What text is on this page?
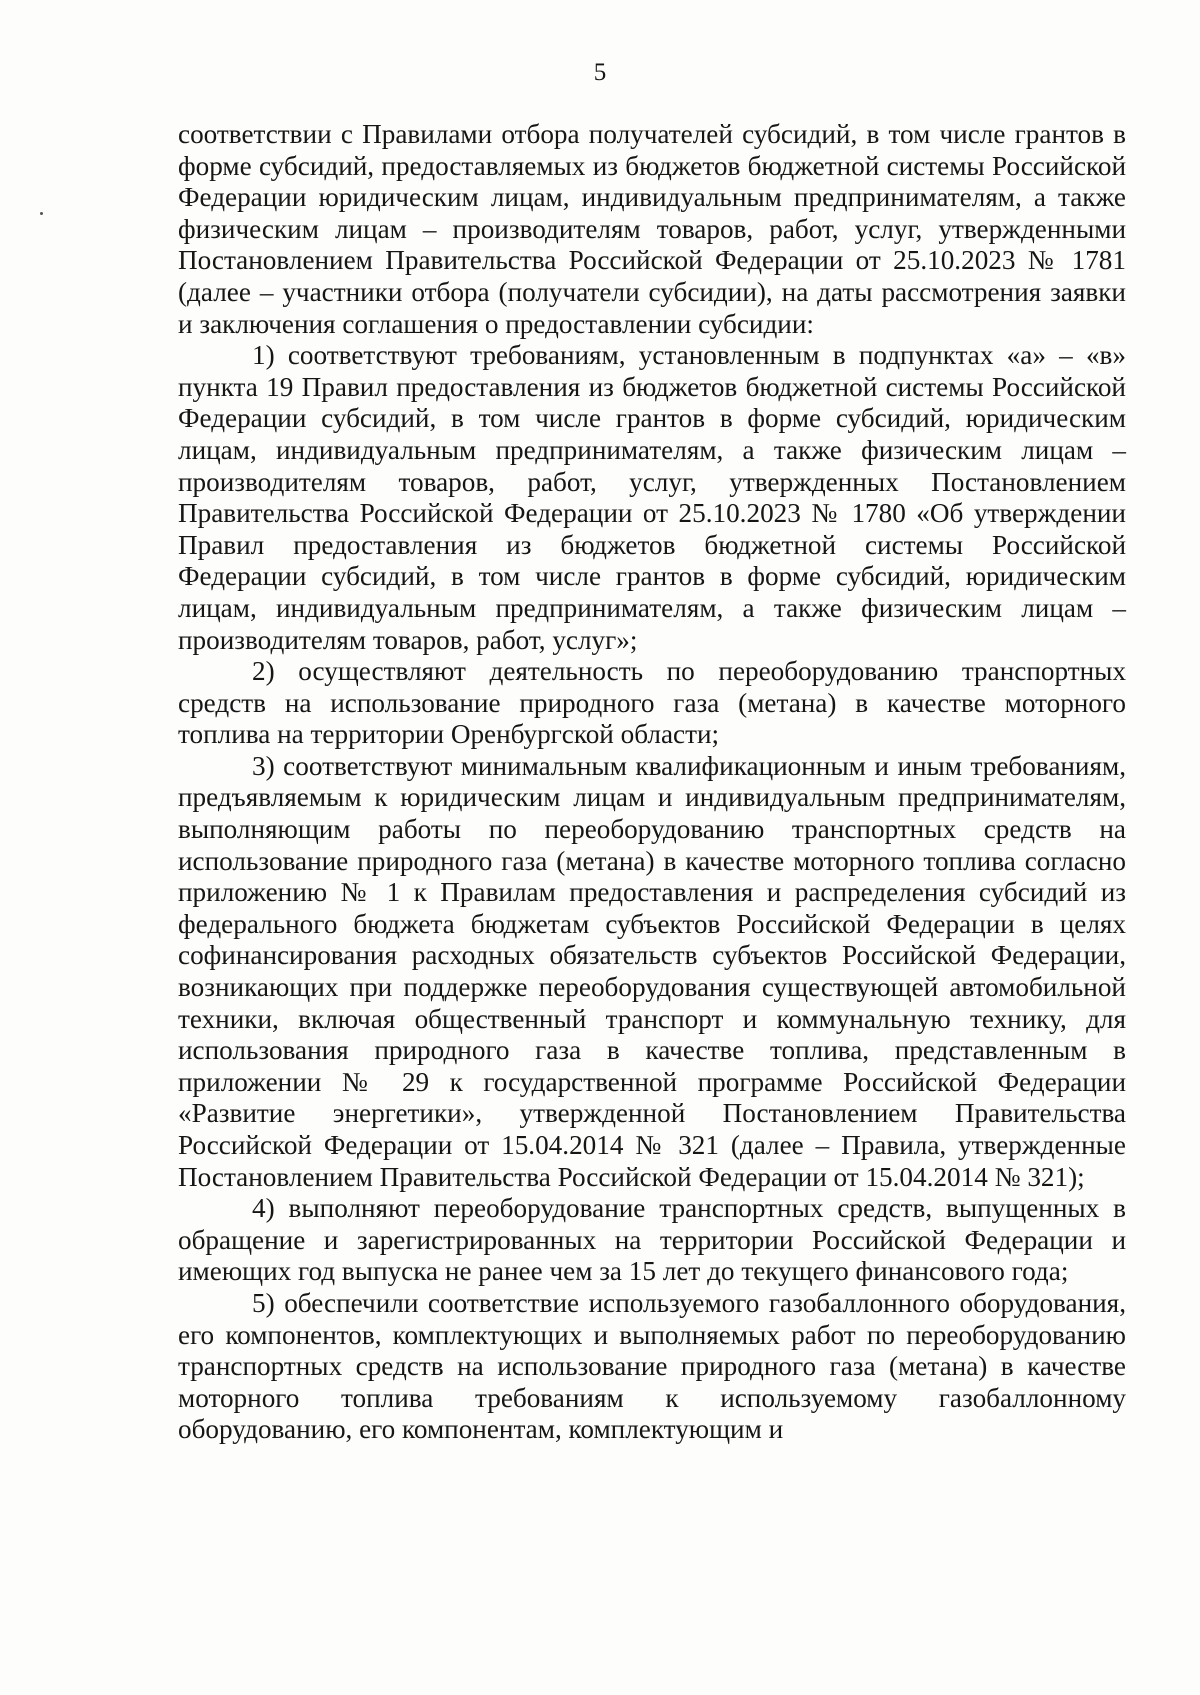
5

соответствии с Правилами отбора получателей субсидий, в том числе грантов в форме субсидий, предоставляемых из бюджетов бюджетной системы Российской Федерации юридическим лицам, индивидуальным предпринимателям, а также физическим лицам – производителям товаров, работ, услуг, утвержденными Постановлением Правительства Российской Федерации от 25.10.2023 № 1781 (далее – участники отбора (получатели субсидии), на даты рассмотрения заявки и заключения соглашения о предоставлении субсидии:

1) соответствуют требованиям, установленным в подпунктах «а» – «в» пункта 19 Правил предоставления из бюджетов бюджетной системы Российской Федерации субсидий, в том числе грантов в форме субсидий, юридическим лицам, индивидуальным предпринимателям, а также физическим лицам – производителям товаров, работ, услуг, утвержденных Постановлением Правительства Российской Федерации от 25.10.2023 № 1780 «Об утверждении Правил предоставления из бюджетов бюджетной системы Российской Федерации субсидий, в том числе грантов в форме субсидий, юридическим лицам, индивидуальным предпринимателям, а также физическим лицам – производителям товаров, работ, услуг»;

2) осуществляют деятельность по переоборудованию транспортных средств на использование природного газа (метана) в качестве моторного топлива на территории Оренбургской области;

3) соответствуют минимальным квалификационным и иным требованиям, предъявляемым к юридическим лицам и индивидуальным предпринимателям, выполняющим работы по переоборудованию транспортных средств на использование природного газа (метана) в качестве моторного топлива согласно приложению № 1 к Правилам предоставления и распределения субсидий из федерального бюджета бюджетам субъектов Российской Федерации в целях софинансирования расходных обязательств субъектов Российской Федерации, возникающих при поддержке переоборудования существующей автомобильной техники, включая общественный транспорт и коммунальную технику, для использования природного газа в качестве топлива, представленным в приложении № 29 к государственной программе Российской Федерации «Развитие энергетики», утвержденной Постановлением Правительства Российской Федерации от 15.04.2014 № 321 (далее – Правила, утвержденные Постановлением Правительства Российской Федерации от 15.04.2014 № 321);

4) выполняют переоборудование транспортных средств, выпущенных в обращение и зарегистрированных на территории Российской Федерации и имеющих год выпуска не ранее чем за 15 лет до текущего финансового года;

5) обеспечили соответствие используемого газобаллонного оборудования, его компонентов, комплектующих и выполняемых работ по переоборудованию транспортных средств на использование природного газа (метана) в качестве моторного топлива требованиям к используемому газобаллонному оборудованию, его компонентам, комплектующим и
